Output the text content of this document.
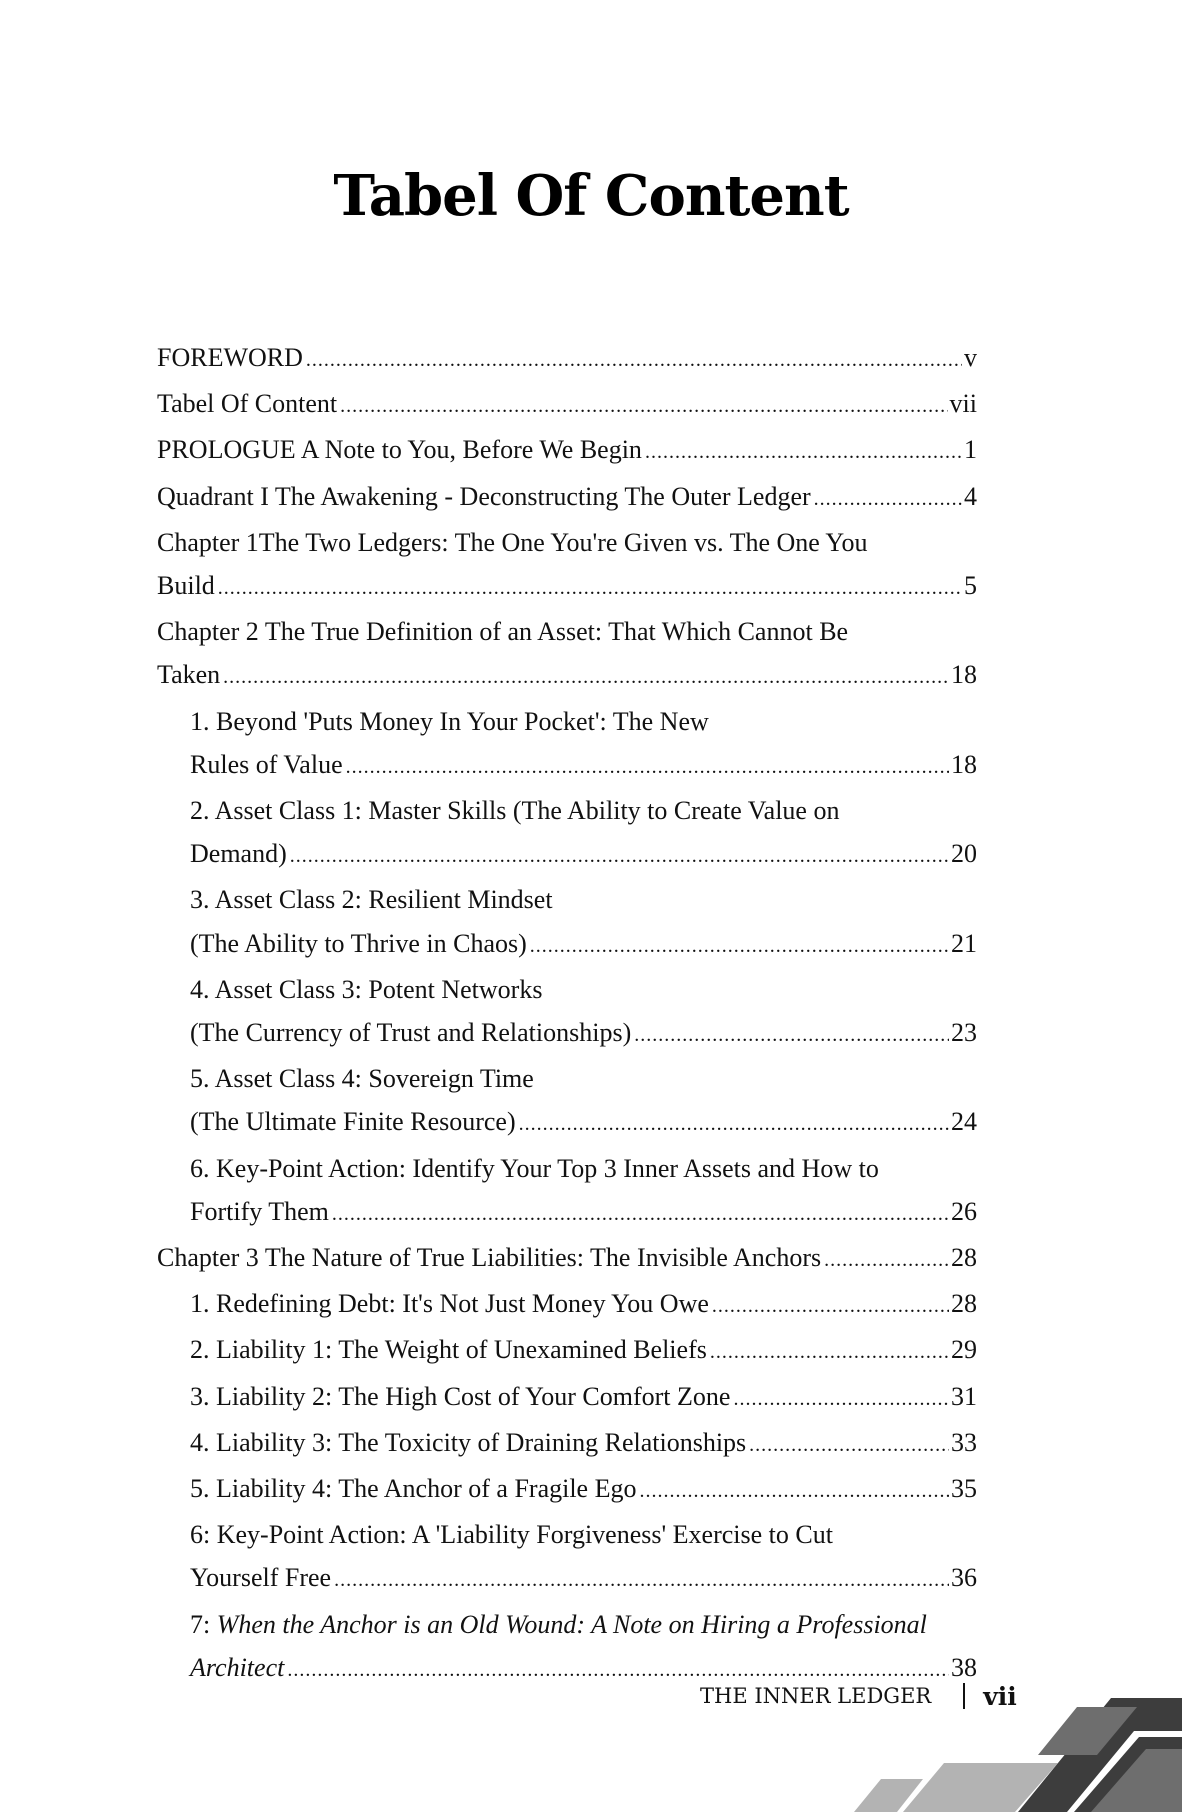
Tabel Of Content
FOREWORD .....	v
Tabel Of Content .....	vii
PROLOGUE A Note to You, Before We Begin .....	1
Quadrant I The Awakening - Deconstructing The Outer Ledger .....	4
Chapter 1The Two Ledgers: The One You're Given vs. The One You
Build .....	5
Chapter 2 The True Definition of an Asset: That Which Cannot Be
Taken .....	18
1. Beyond 'Puts Money In Your Pocket': The New
Rules of Value .....	18
2. Asset Class 1: Master Skills (The Ability to Create Value on
Demand) .....	20
3. Asset Class 2: Resilient Mindset
(The Ability to Thrive in Chaos) .....	21
4. Asset Class 3: Potent Networks
(The Currency of Trust and Relationships) .....	23
5. Asset Class 4: Sovereign Time
(The Ultimate Finite Resource) .....	24
6. Key-Point Action: Identify Your Top 3 Inner Assets and How to
Fortify Them .....	26
Chapter 3 The Nature of True Liabilities: The Invisible Anchors .....	28
1. Redefining Debt: It's Not Just Money You Owe .....	28
2. Liability 1: The Weight of Unexamined Beliefs .....	29
3. Liability 2: The High Cost of Your Comfort Zone .....	31
4. Liability 3: The Toxicity of Draining Relationships .....	33
5. Liability 4: The Anchor of a Fragile Ego .....	35
6: Key-Point Action: A 'Liability Forgiveness' Exercise to Cut
Yourself Free .....	36
7: When the Anchor is an Old Wound: A Note on Hiring a Professional
Architect .....	38
THE INNER LEDGER vii
